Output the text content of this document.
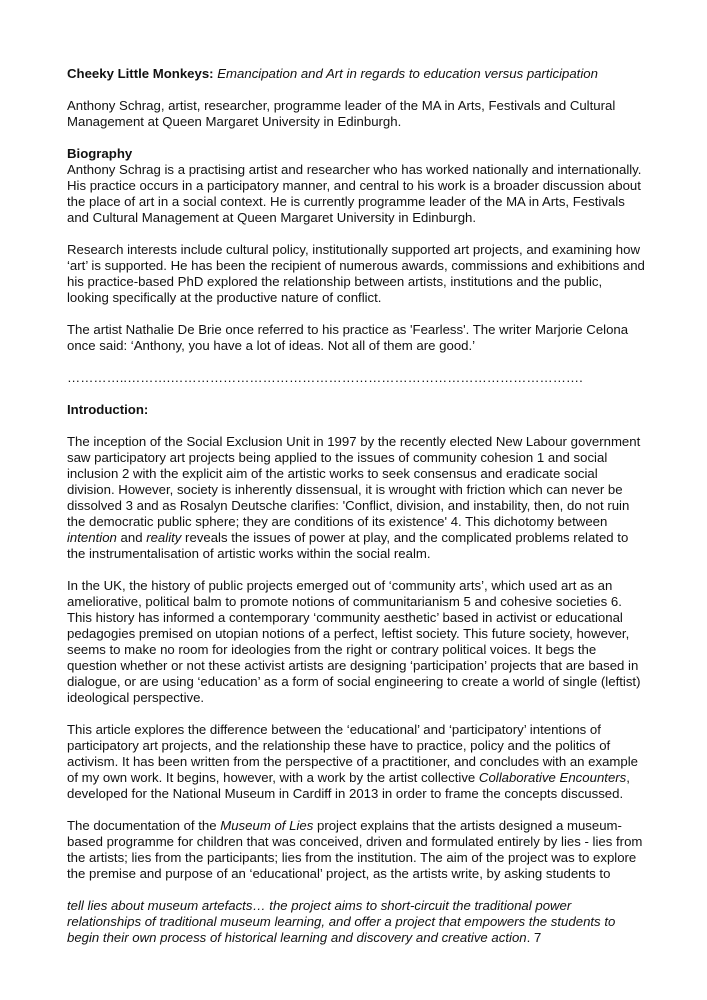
Cheeky Little Monkeys: Emancipation and Art in regards to education versus participation

Anthony Schrag, artist, researcher, programme leader of the MA in Arts, Festivals and Cultural Management at Queen Margaret University in Edinburgh.

Biography

Anthony Schrag is a practising artist and researcher who has worked nationally and internationally. His practice occurs in a participatory manner, and central to his work is a broader discussion about the place of art in a social context. He is currently programme leader of the MA in Arts, Festivals and Cultural Management at Queen Margaret University in Edinburgh.

Research interests include cultural policy, institutionally supported art projects, and examining how ‘art’ is supported. He has been the recipient of numerous awards, commissions and exhibitions and his practice-based PhD explored the relationship between artists, institutions and the public, looking specifically at the productive nature of conflict.

The artist Nathalie De Brie once referred to his practice as 'Fearless'. The writer Marjorie Celona once said: ‘Anthony, you have a lot of ideas. Not all of them are good.’

…………..……….………………………………………………………………………………….

Introduction:

The inception of the Social Exclusion Unit in 1997 by the recently elected New Labour government saw participatory art projects being applied to the issues of community cohesion 1 and social inclusion 2 with the explicit aim of the artistic works to seek consensus and eradicate social division. However, society is inherently dissensual, it is wrought with friction which can never be dissolved 3 and as Rosalyn Deutsche clarifies: 'Conflict, division, and instability, then, do not ruin the democratic public sphere; they are conditions of its existence' 4. This dichotomy between intention and reality reveals the issues of power at play, and the complicated problems related to the instrumentalisation of artistic works within the social realm.

In the UK, the history of public projects emerged out of ‘community arts’, which used art as an ameliorative, political balm to promote notions of communitarianism 5 and cohesive societies 6. This history has informed a contemporary ‘community aesthetic’ based in activist or educational pedagogies premised on utopian notions of a perfect, leftist society. This future society, however, seems to make no room for ideologies from the right or contrary political voices. It begs the question whether or not these activist artists are designing ‘participation’ projects that are based in dialogue, or are using ‘education’ as a form of social engineering to create a world of single (leftist) ideological perspective.

This article explores the difference between the ‘educational’ and ‘participatory’ intentions of participatory art projects, and the relationship these have to practice, policy and the politics of activism. It has been written from the perspective of a practitioner, and concludes with an example of my own work. It begins, however, with a work by the artist collective Collaborative Encounters, developed for the National Museum in Cardiff in 2013 in order to frame the concepts discussed.

The documentation of the Museum of Lies project explains that the artists designed a museum-based programme for children that was conceived, driven and formulated entirely by lies - lies from the artists; lies from the participants; lies from the institution. The aim of the project was to explore the premise and purpose of an ‘educational’ project, as the artists write, by asking students to

tell lies about museum artefacts… the project aims to short-circuit the traditional power relationships of traditional museum learning, and offer a project that empowers the students to begin their own process of historical learning and discovery and creative action. 7
